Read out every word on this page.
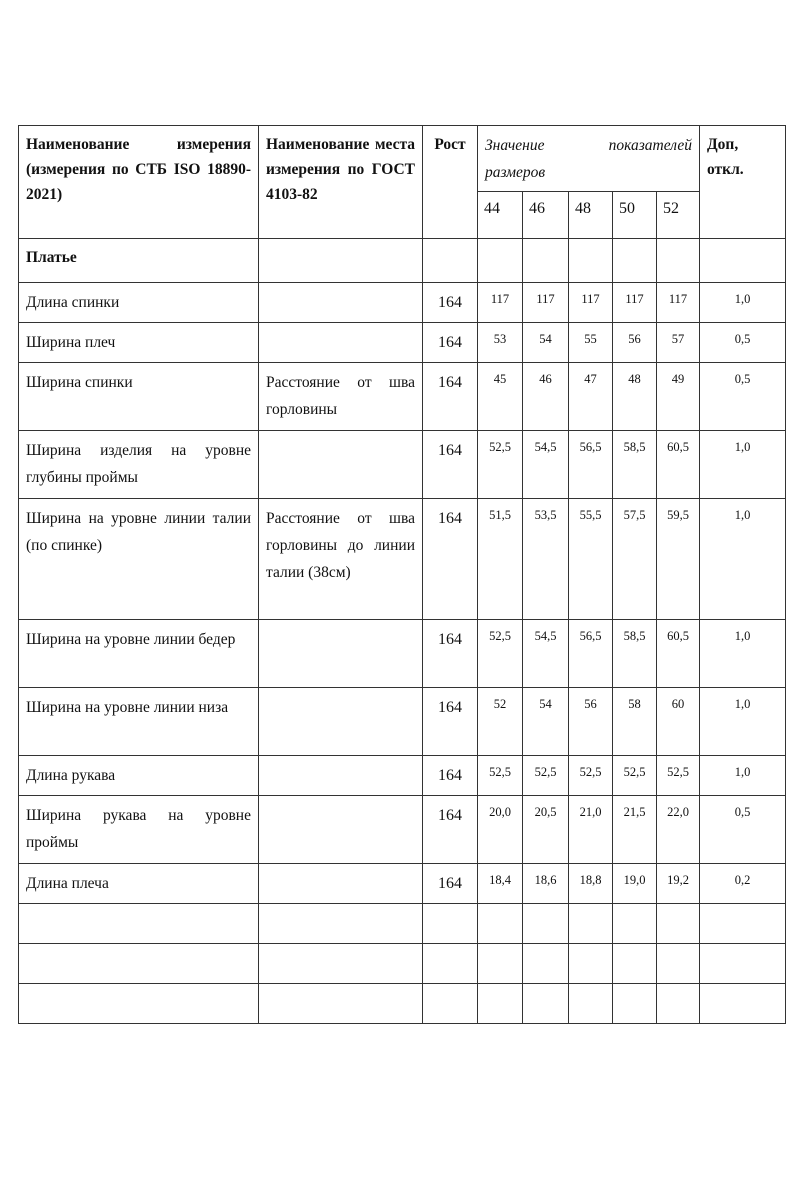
Наименование измерения (измерения по СТБ ISO 18890-2021)	Наименование места измерения по ГОСТ 4103-82	Рост	Значение показателей размеров					Доп, откл.
			44	46	48	50	52	
Платье								
Длина спинки		164	117	117	117	117	117	1,0
Ширина плеч		164	53	54	55	56	57	0,5
Ширина спинки	Расстояние от шва горловины	164	45	46	47	48	49	0,5
Ширина изделия на уровне глубины проймы		164	52,5	54,5	56,5	58,5	60,5	1,0
Ширина на уровне линии талии (по спинке)	Расстояние от шва горловины до линии талии (38см)	164	51,5	53,5	55,5	57,5	59,5	1,0
Ширина на уровне линии бедер		164	52,5	54,5	56,5	58,5	60,5	1,0
Ширина на уровне линии низа		164	52	54	56	58	60	1,0
Длина рукава		164	52,5	52,5	52,5	52,5	52,5	1,0
Ширина рукава на уровне проймы		164	20,0	20,5	21,0	21,5	22,0	0,5
Длина плеча		164	18,4	18,6	18,8	19,0	19,2	0,2
